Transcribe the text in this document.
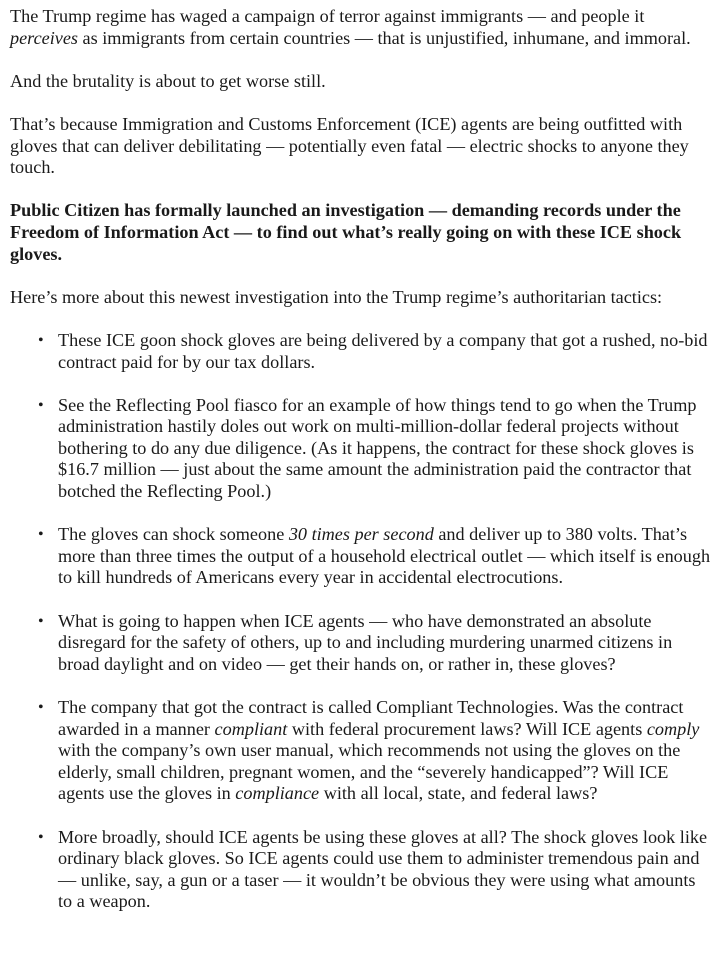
The Trump regime has waged a campaign of terror against immigrants — and people it perceives as immigrants from certain countries — that is unjustified, inhumane, and immoral.

And the brutality is about to get worse still.

That’s because Immigration and Customs Enforcement (ICE) agents are being outfitted with gloves that can deliver debilitating — potentially even fatal — electric shocks to anyone they touch.

Public Citizen has formally launched an investigation — demanding records under the Freedom of Information Act — to find out what’s really going on with these ICE shock gloves.

Here’s more about this newest investigation into the Trump regime’s authoritarian tactics:

• These ICE goon shock gloves are being delivered by a company that got a rushed, no-bid contract paid for by our tax dollars.
• See the Reflecting Pool fiasco for an example of how things tend to go when the Trump administration hastily doles out work on multi-million-dollar federal projects without bothering to do any due diligence. (As it happens, the contract for these shock gloves is $16.7 million — just about the same amount the administration paid the contractor that botched the Reflecting Pool.)
• The gloves can shock someone 30 times per second and deliver up to 380 volts. That’s more than three times the output of a household electrical outlet — which itself is enough to kill hundreds of Americans every year in accidental electrocutions.
• What is going to happen when ICE agents — who have demonstrated an absolute disregard for the safety of others, up to and including murdering unarmed citizens in broad daylight and on video — get their hands on, or rather in, these gloves?
• The company that got the contract is called Compliant Technologies. Was the contract awarded in a manner compliant with federal procurement laws? Will ICE agents comply with the company’s own user manual, which recommends not using the gloves on the elderly, small children, pregnant women, and the “severely handicapped”? Will ICE agents use the gloves in compliance with all local, state, and federal laws?
• More broadly, should ICE agents be using these gloves at all? The shock gloves look like ordinary black gloves. So ICE agents could use them to administer tremendous pain and — unlike, say, a gun or a taser — it wouldn’t be obvious they were using what amounts to a weapon.
